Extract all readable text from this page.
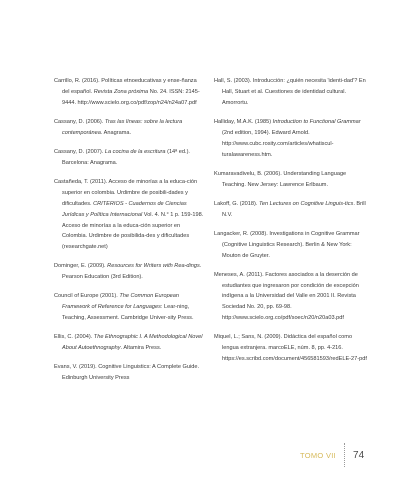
Carrillo, R. (2016). Políticas etnoeducativas y ense-ñanza del español. Revista Zona próxima No. 24. ISSN: 2145-9444. http://www.scielo.org.co/pdf/zop/n24/n24a07.pdf

Cassany, D. (2006). Tras las líneas: sobre la lectura contemporánea. Anagrama.

Cassany, D. (2007). La cocina de la escritura (14ª ed.). Barcelona: Anagrama.

Castañeda, T. (2011). Acceso de minorías a la educa-ción superior en colombia. Urdimbre de posibili-dades y dificultades. CRITERIOS - Cuadernos de Ciencias Jurídicas y Política Internacional Vol. 4. N.° 1 p. 159-198. Acceso de minorías a la educa-ción superior en Colombia. Urdimbre de posibilida-des y dificultades (researchgate.net)

Dominger, E. (2009). Resources for Writers with Rea-dings. Pearson Education (3rd Edition).

Council of Europe (2001). The Common European Framework of Reference for Languages: Lear-ning, Teaching, Assessment. Cambridge Univer-sity Press.

Ellis, C. (2004). The Ethnographic I. A Methodological Novel About Autoethnography. Altamira Press.

Evans, V. (2019). Cognitive Linguistics: A Complete Guide. Edinburgh University Press

Hall, S. (2003). Introducción: ¿quién necesita 'identi-dad'? En Hall, Stuart et al. Cuestiones de identidad cultural. Amorrortu.

Halliday, M.A.K. (1985) Introduction to Functional Grammar (2nd edition, 1994). Edward Arnold. http://www.cubc.rosity.com/articles/whatiscul-turalawareness.htm.

Kumaravadivelu, B. (2006). Understanding Language Teaching. New Jersey: Lawrence Erlbaum.

Lakoff, G. (2018). Ten Lectures on Cognitive Linguis-tics. Brill N.V.

Langacker, R. (2008). Investigations in Cognitive Grammar (Cognitive Linguistics Research). Berlin & New York: Mouton de Gruyter.

Meneses, A. (2011). Factores asociados a la deserción de estudiantes que ingresaron por condición de excepción indígena a la Universidad del Valle en 2001 II. Revista Sociedad No. 20, pp. 69-98. http://www.scielo.org.co/pdf/soec/n20/n20a03.pdf

Miquel, L.; Sans, N. (2009). Didáctica del español como lengua extranjera. marcoELE, núm. 8, pp. 4-216. https://es.scribd.com/document/456581593/redELE-27-pdf

TOMO VII 74
